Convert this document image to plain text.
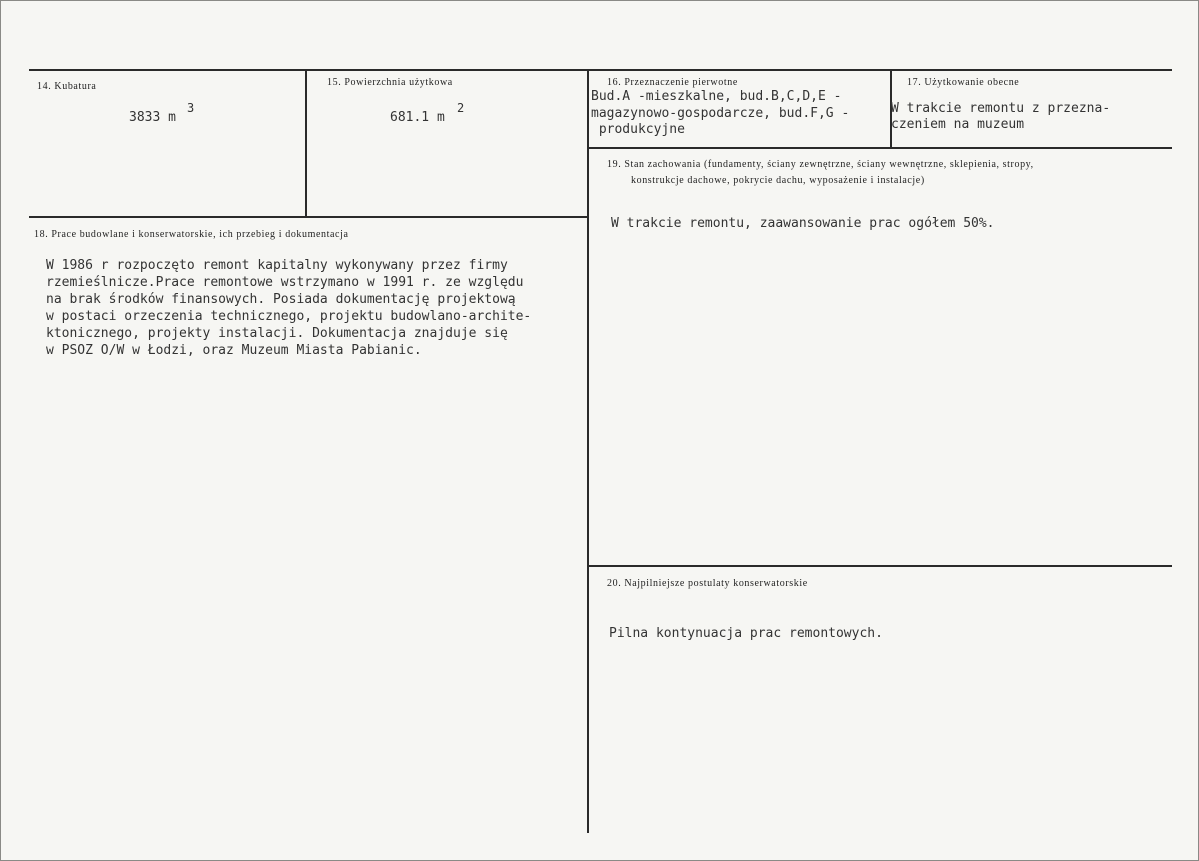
14. Kubatura
3833 m
3
15. Powierzchnia użytkowa
681.1 m
2
16. Przeznaczenie pierwotne
Bud.A -mieszkalne, bud.B,C,D,E -
magazynowo-gospodarcze, bud.F,G -
produkcyjne
17. Użytkowanie obecne
W trakcie remontu z przezna-
czeniem na muzeum
19. Stan zachowania (fundamenty, ściany zewnętrzne, ściany wewnętrzne, sklepienia, stropy,
konstrukcje dachowe, pokrycie dachu, wyposażenie i instalacje)
W trakcie remontu, zaawansowanie prac ogółem 50%.
18. Prace budowlane i konserwatorskie, ich przebieg i dokumentacja
W 1986 r rozpoczęto remont kapitalny wykonywany przez firmy
rzemieślnicze.Prace remontowe wstrzymano w 1991 r. ze względu
na brak środków finansowych. Posiada dokumentację projektową
w postaci orzeczenia technicznego, projektu budowlano-archite-
ktonicznego, projekty instalacji. Dokumentacja znajduje się
w PSOZ O/W w Łodzi, oraz Muzeum Miasta Pabianic.
20. Najpilniejsze postulaty konserwatorskie
Pilna kontynuacja prac remontowych.
